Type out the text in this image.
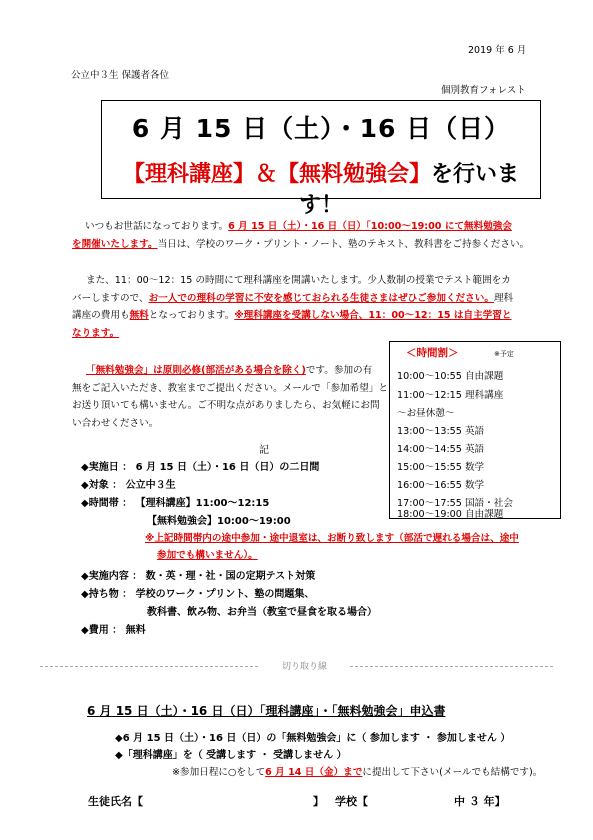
2019 年 6 月
公立中３生 保護者各位
個別教育フォレスト
6 月 15 日（土）・16 日（日）
【理科講座】＆【無料勉強会】を行います！
いつもお世話になっております。6 月 15 日（土）・16 日（日）「10:00～19:00 にて無料勉強会
を開催いたします。当日は、学校のワーク・プリント・ノート、塾のテキスト、教科書をご持参ください。
また、11：00～12：15 の時間にて理科講座を開講いたします。少人数制の授業でテスト範囲をカ
バーしますので、お一人での理科の学習に不安を感じておられる生徒さまはぜひご参加ください。理科
講座の費用も無料となっております。※理科講座を受講しない場合、11：00～12：15 は自主学習と
なります。
「無料勉強会」は原則必修(部活がある場合を除く)です。参加の有
無をご記入いただき、教室までご提出ください。メールで「参加希望」と
お送り頂いても構いません。ご不明な点がありましたら、お気軽にお問
い合わせください。
＜時間割＞	※予定
10:00～10:55 自由課題
11:00～12:15 理科講座
～お昼休憩～
13:00～13:55 英語
14:00～14:55 英語
15:00～15:55 数学
16:00～16:55 数学
17:00～17:55 国語・社会
18:00～19:00 自由課題
記
◆実施日 ： 6 月 15 日（土）・16 日（日）の二日間
◆対象 ： 公立中３生
◆時間帯 ： 【理科講座】11:00～12:15
【無料勉強会】10:00～19:00
※上記時間帯内の途中参加・途中退室は、お断り致します（部活で遅れる場合は、途中
参加でも構いません）。
◆実施内容 ： 数・英・理・社・国の定期テスト対策
◆持ち物 ： 学校のワーク・プリント、塾の問題集、
教科書、飲み物、お弁当（教室で昼食を取る場合）
◆費用 ： 無料
切り取り線
6 月 15 日（土）・16 日（日）「理科講座」・「無料勉強会」申込書
◆6 月 15 日（土）・16 日（日）の「無料勉強会」に（ 参加します ・ 参加しません ）
◆「理科講座」を（ 受講します ・ 受講しません ）
※参加日程に○をして6 月 14 日（金）までに提出して下さい(メールでも結構です)。
生徒氏名【	】 学校【	中 ３ 年】
